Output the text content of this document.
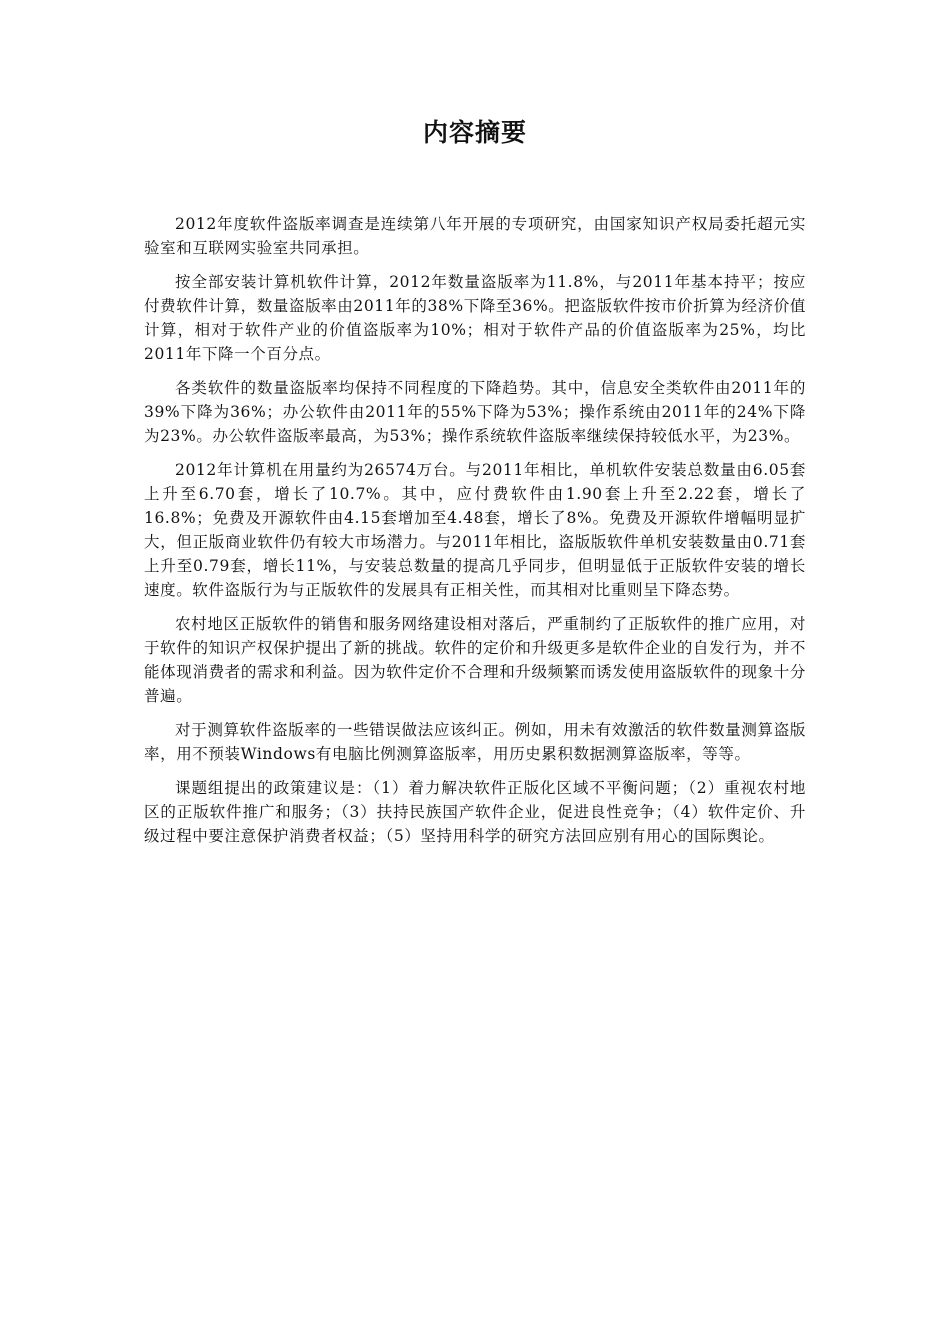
内容摘要

2012年度软件盗版率调查是连续第八年开展的专项研究，由国家知识产权局委托超元实验室和互联网实验室共同承担。

按全部安装计算机软件计算，2012年数量盗版率为11.8%，与2011年基本持平；按应付费软件计算，数量盗版率由2011年的38%下降至36%。把盗版软件按市价折算为经济价值计算，相对于软件产业的价值盗版率为10%；相对于软件产品的价值盗版率为25%，均比2011年下降一个百分点。

各类软件的数量盗版率均保持不同程度的下降趋势。其中，信息安全类软件由2011年的39%下降为36%；办公软件由2011年的55%下降为53%；操作系统由2011年的24%下降为23%。办公软件盗版率最高，为53%；操作系统软件盗版率继续保持较低水平，为23%。

2012年计算机在用量约为26574万台。与2011年相比，单机软件安装总数量由6.05套上升至6.70套，增长了10.7%。其中，应付费软件由1.90套上升至2.22套，增长了16.8%；免费及开源软件由4.15套增加至4.48套，增长了8%。免费及开源软件增幅明显扩大，但正版商业软件仍有较大市场潜力。与2011年相比，盗版版软件单机安装数量由0.71套上升至0.79套，增长11%，与安装总数量的提高几乎同步，但明显低于正版软件安装的增长速度。软件盗版行为与正版软件的发展具有正相关性，而其相对比重则呈下降态势。

农村地区正版软件的销售和服务网络建设相对落后，严重制约了正版软件的推广应用，对于软件的知识产权保护提出了新的挑战。软件的定价和升级更多是软件企业的自发行为，并不能体现消费者的需求和利益。因为软件定价不合理和升级频繁而诱发使用盗版软件的现象十分普遍。

对于测算软件盗版率的一些错误做法应该纠正。例如，用未有效激活的软件数量测算盗版率，用不预装Windows有电脑比例测算盗版率，用历史累积数据测算盗版率，等等。

课题组提出的政策建议是：（1）着力解决软件正版化区域不平衡问题；（2）重视农村地区的正版软件推广和服务；（3）扶持民族国产软件企业，促进良性竞争；（4）软件定价、升级过程中要注意保护消费者权益；（5）坚持用科学的研究方法回应别有用心的国际舆论。
